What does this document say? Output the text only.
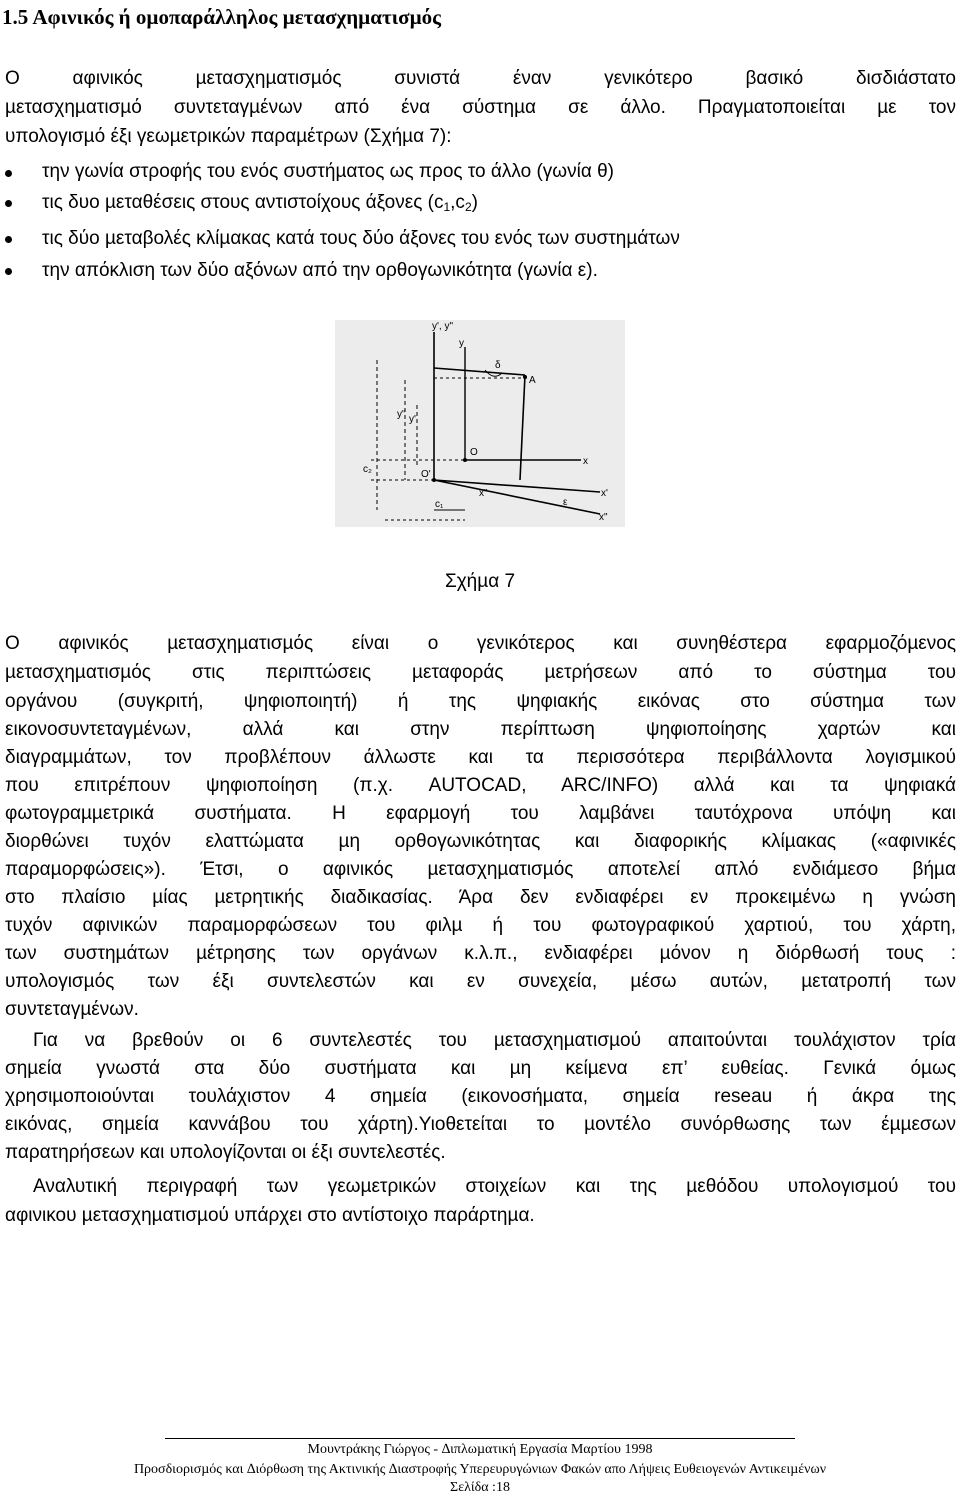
1.5 Αφινικός ή οµοπαράλληλος µετασχηµατισµός

Ο αφινικός µετασχηµατισµός συνιστά έναν γενικότερο βασικό δισδιάστατο

µετασχηµατισµό συντεταγµένων από ένα σύστηµα σε άλλο. Πραγµατοποιείται µε τον

υπολογισµό έξι γεωµετρικών παραµέτρων (Σχήµα 7):

την γωνία στροφής του ενός συστήµατος ως προς το άλλο (γωνία θ)

τις δυο µεταθέσεις στους αντιστοίχους άξονες $(c_1,c_2)$

τις δύο µεταβολές κλίµακας κατά τους δύο άξονες του ενός των συστηµάτων

την απόκλιση των δύο αξόνων από την ορθογωνικότητα (γωνία ε).

y', y"
y
δ
A
y" y'
O
O'
x
c₂
c₁
x"
ε
x'
x"

Σχήµα 7

Ο αφινικός µετασχηµατισµός είναι ο γενικότερος και συνηθέστερα εφαρµοζόµενος

µετασχηµατισµός στις περιπτώσεις µεταφοράς µετρήσεων από το σύστηµα του

οργάνου (συγκριτή, ψηφιοποιητή) ή της ψηφιακής εικόνας στο σύστηµα των

εικονοσυντεταγµένων, αλλά και στην περίπτωση ψηφιοποίησης χαρτών και

διαγραµµάτων, τον προβλέπουν άλλωστε και τα περισσότερα περιβάλλοντα λογισµικού

που επιτρέπουν ψηφιοποίηση (π.χ. AUTOCAD, ARC/INFO) αλλά και τα ψηφιακά

φωτογραµµετρικά συστήµατα. Η εφαρµογή του λαµβάνει ταυτόχρονα υπόψη και

διορθώνει τυχόν ελαττώµατα µη ορθογωνικότητας και διαφορικής κλίµακας («αφινικές

παραµορφώσεις»). Έτσι, ο αφινικός µετασχηµατισµός αποτελεί απλό ενδιάµεσο βήµα

στο πλαίσιο µίας µετρητικής διαδικασίας. Άρα δεν ενδιαφέρει εν προκειµένω η γνώση

τυχόν αφινικών παραµορφώσεων του φιλµ ή του φωτογραφικού χαρτιού, του χάρτη,

των συστηµάτων µέτρησης των οργάνων κ.λ.π., ενδιαφέρει µόνον η διόρθωσή τους :

υπολογισµός των έξι συντελεστών και εν συνεχεία, µέσω αυτών, µετατροπή των

συντεταγµένων.

Για να βρεθούν οι 6 συντελεστές του µετασχηµατισµού απαιτούνται τουλάχιστον τρία

σηµεία γνωστά στα δύο συστήµατα και µη κείµενα επ’ ευθείας. Γενικά όµως

χρησιµοποιούνται τουλάχιστον 4 σηµεία (εικονοσήµατα, σηµεία reseau ή άκρα της

εικόνας, σηµεία κανvάβου του χάρτη).Υιοθετείται το µοντέλο συνόρθωσης των έµµεσων

παρατηρήσεων και υπολογίζονται οι έξι συντελεστές.

Αναλυτική περιγραφή των γεωµετρικών στοιχείων και της µεθόδου υπολογισµού του

αφινικου µετασχηµατισµού υπάρχει στο αντίστοιχο παράρτηµα.

Μουντράκης Γιώργος - ∆ιπλωµατική Εργασία Μαρτίου 1998

Προσδιορισµός και ∆ιόρθωση της Ακτινικής ∆ιαστροφής Υπερευρυγώνιων Φακών απο Λήψεις Ευθειογενών Αντικειµένων

Σελίδα :18
